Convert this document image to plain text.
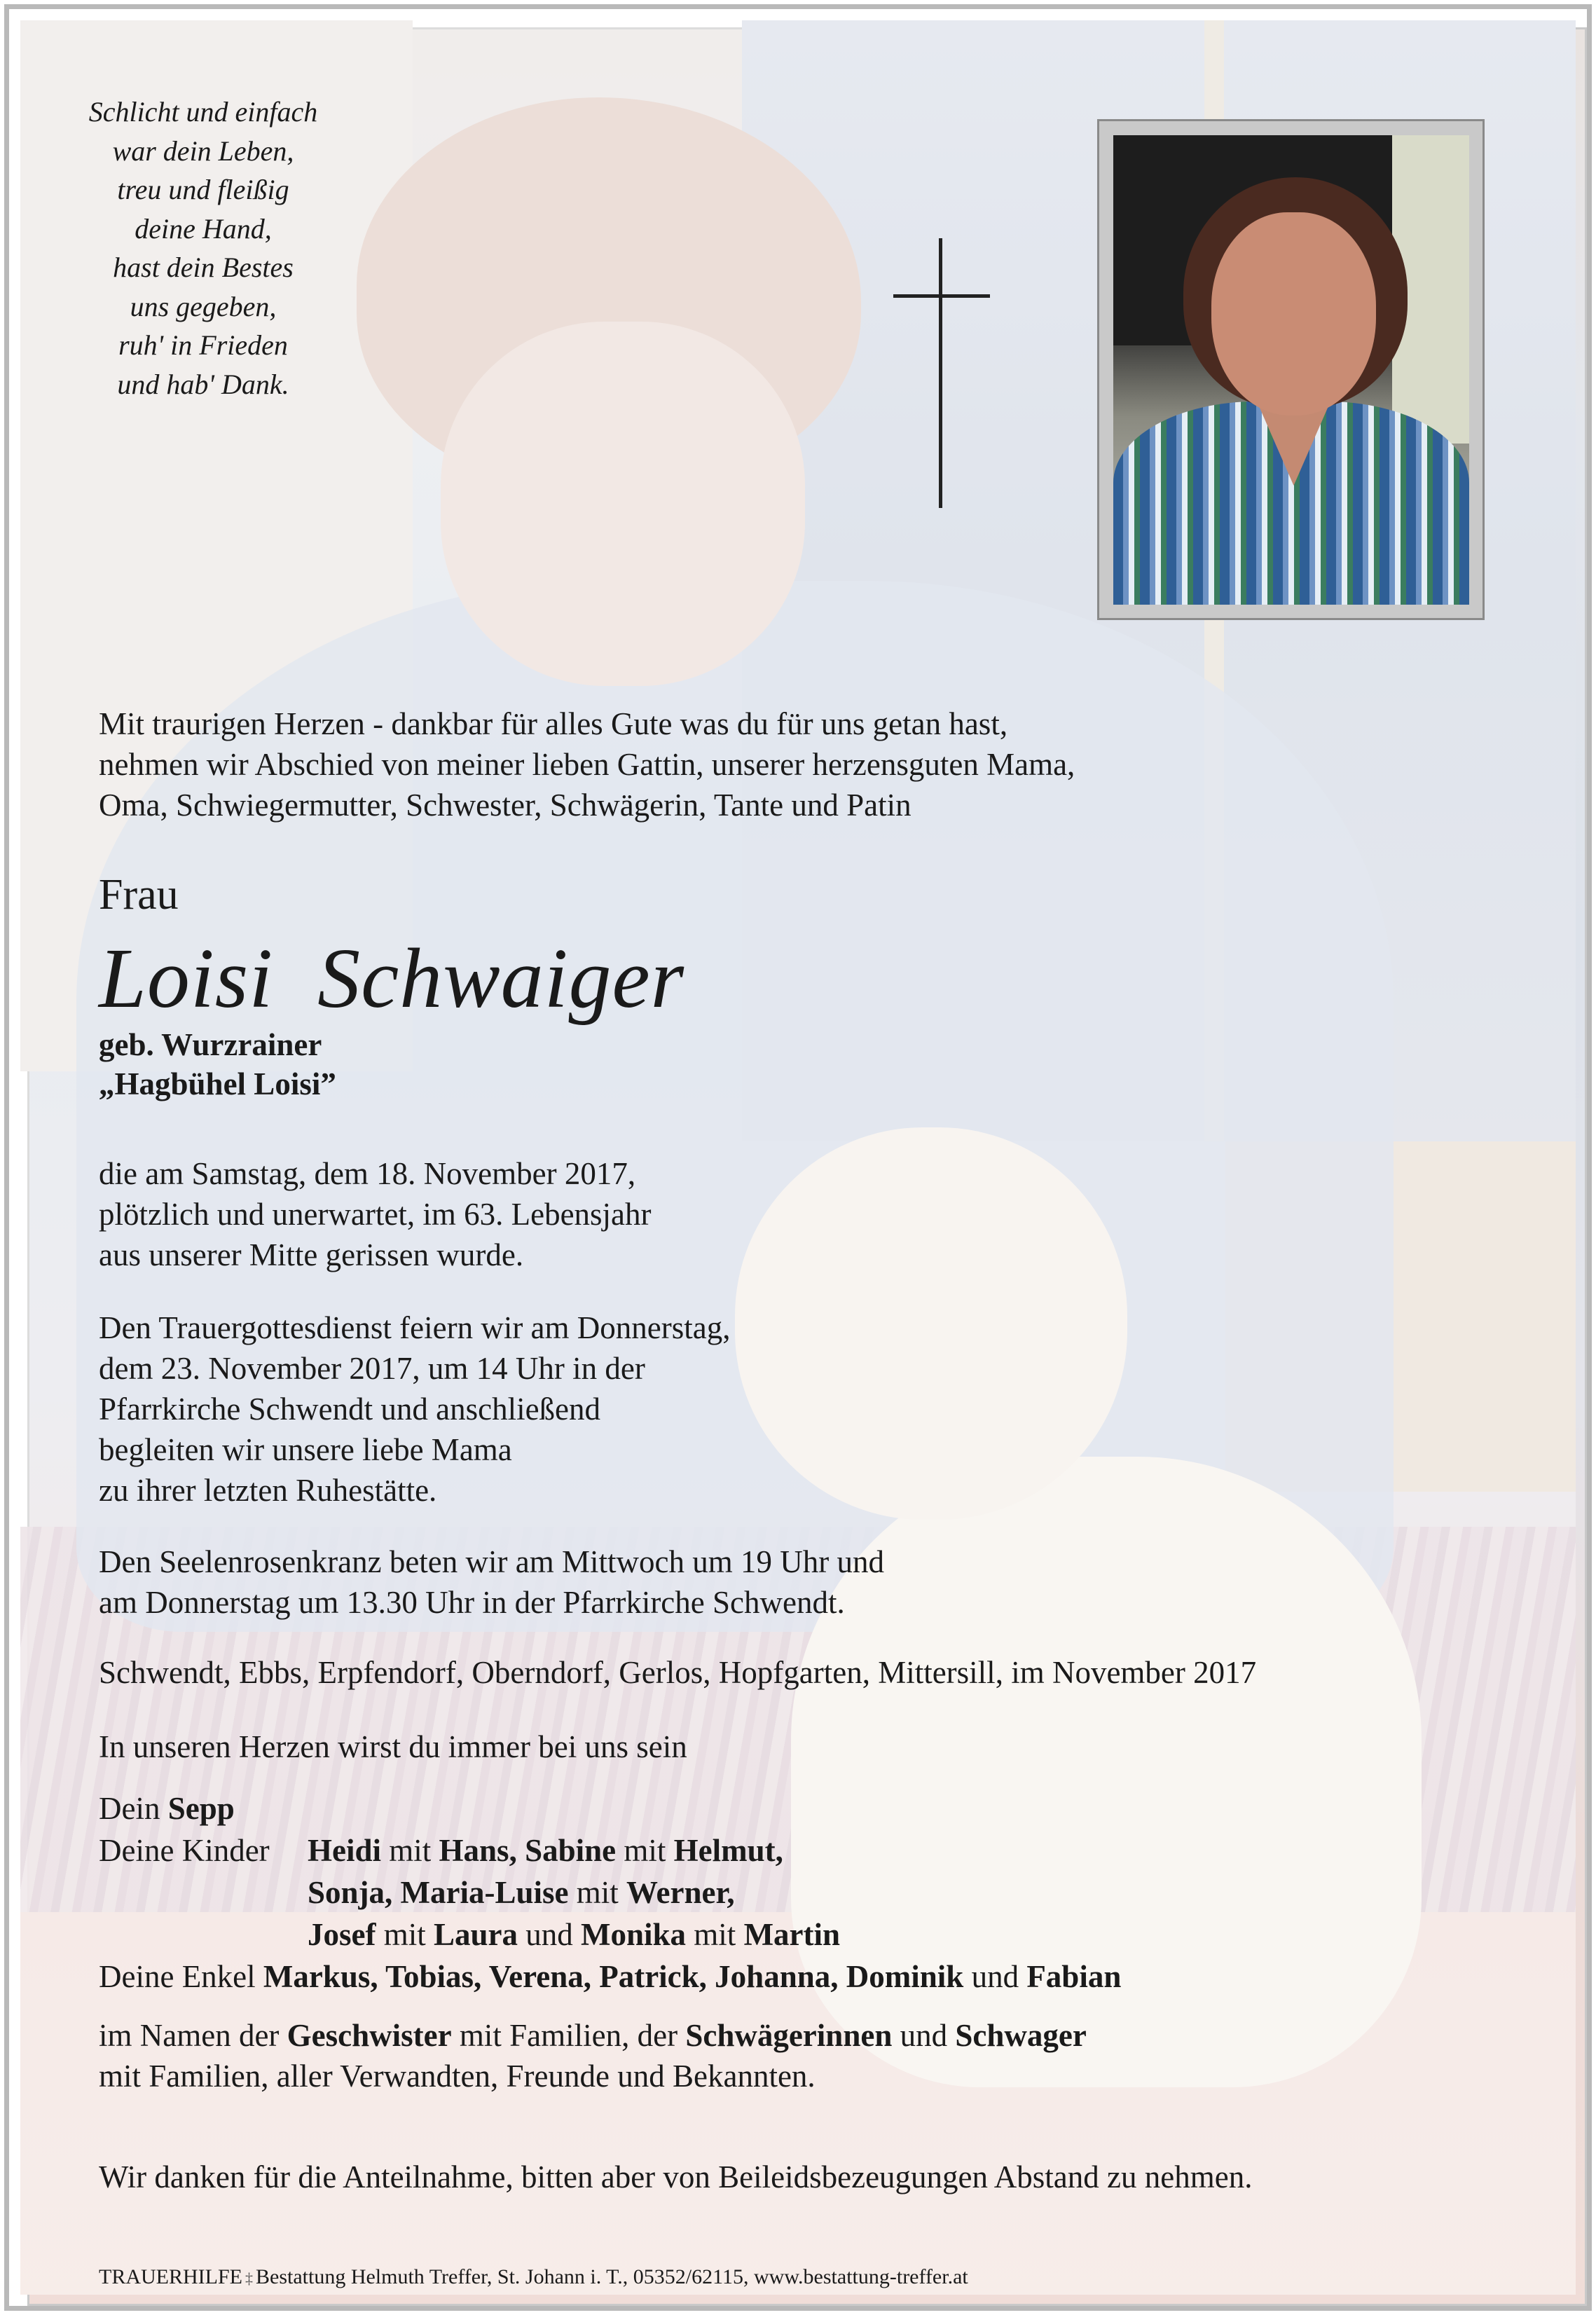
Schlicht und einfach
war dein Leben,
treu und fleißig
deine Hand,
hast dein Bestes
uns gegeben,
ruh' in Frieden
und hab' Dank.
Mit traurigen Herzen - dankbar für alles Gute was du für uns getan hast,
nehmen wir Abschied von meiner lieben Gattin, unserer herzensguten Mama,
Oma, Schwiegermutter, Schwester, Schwägerin, Tante und Patin
Frau
Loisi  Schwaiger
geb. Wurzrainer
„Hagbühel Loisi”
die am Samstag, dem 18. November 2017,
plötzlich und unerwartet, im 63. Lebensjahr
aus unserer Mitte gerissen wurde.
Den Trauergottesdienst feiern wir am Donnerstag,
dem 23. November 2017, um 14 Uhr in der
Pfarrkirche Schwendt und anschließend
begleiten wir unsere liebe Mama
zu ihrer letzten Ruhestätte.
Den Seelenrosenkranz beten wir am Mittwoch um 19 Uhr und
am Donnerstag um 13.30 Uhr in der Pfarrkirche Schwendt.
Schwendt, Ebbs, Erpfendorf, Oberndorf, Gerlos, Hopfgarten, Mittersill, im November 2017
In unseren Herzen wirst du immer bei uns sein
Dein Sepp
Deine Kinder Heidi mit Hans, Sabine mit Helmut,
Sonja, Maria-Luise mit Werner,
Josef mit Laura und Monika mit Martin
Deine Enkel Markus, Tobias, Verena, Patrick, Johanna, Dominik und Fabian
im Namen der Geschwister mit Familien, der Schwägerinnen und Schwager
mit Familien, aller Verwandten, Freunde und Bekannten.
Wir danken für die Anteilnahme, bitten aber von Beileidsbezeugungen Abstand zu nehmen.
TRAUERHILFE ‡ Bestattung Helmuth Treffer, St. Johann i. T., 05352/62115, www.bestattung-treffer.at
